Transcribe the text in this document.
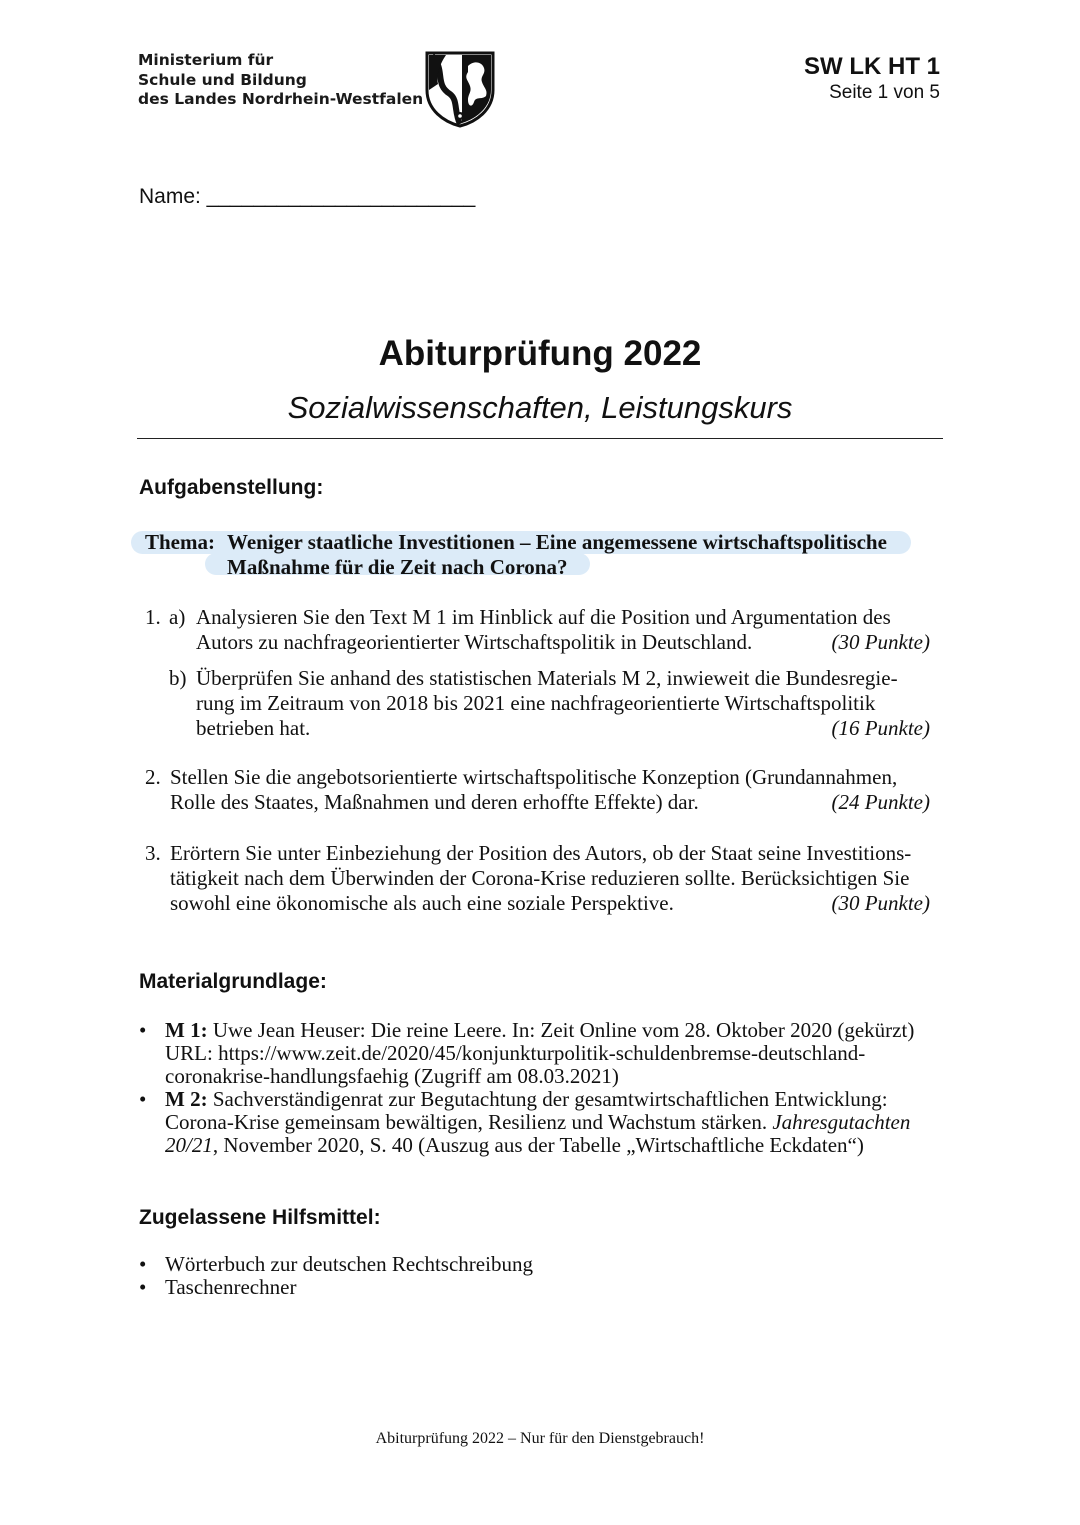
Ministerium für
Schule und Bildung
des Landes Nordrhein-Westfalen
SW LK HT 1
Seite 1 von 5
Name: _______________________
Abiturprüfung 2022
Sozialwissenschaften, Leistungskurs
Aufgabenstellung:
Thema: Weniger staatliche Investitionen – Eine angemessene wirtschaftspolitische
Maßnahme für die Zeit nach Corona?
1. a) Analysieren Sie den Text M 1 im Hinblick auf die Position und Argumentation des
Autors zu nachfrageorientierter Wirtschaftspolitik in Deutschland.	(30 Punkte)
b) Überprüfen Sie anhand des statistischen Materials M 2, inwieweit die Bundesregie-
rung im Zeitraum von 2018 bis 2021 eine nachfrageorientierte Wirtschaftspolitik
betrieben hat.	(16 Punkte)
2. Stellen Sie die angebotsorientierte wirtschaftspolitische Konzeption (Grundannahmen,
Rolle des Staates, Maßnahmen und deren erhoffte Effekte) dar.	(24 Punkte)
3. Erörtern Sie unter Einbeziehung der Position des Autors, ob der Staat seine Investitions-
tätigkeit nach dem Überwinden der Corona-Krise reduzieren sollte. Berücksichtigen Sie
sowohl eine ökonomische als auch eine soziale Perspektive.	(30 Punkte)
Materialgrundlage:
• M 1: Uwe Jean Heuser: Die reine Leere. In: Zeit Online vom 28. Oktober 2020 (gekürzt)
URL: https://www.zeit.de/2020/45/konjunkturpolitik-schuldenbremse-deutschland-
coronakrise-handlungsfaehig (Zugriff am 08.03.2021)
• M 2: Sachverständigenrat zur Begutachtung der gesamtwirtschaftlichen Entwicklung:
Corona-Krise gemeinsam bewältigen, Resilienz und Wachstum stärken. Jahresgutachten
20/21, November 2020, S. 40 (Auszug aus der Tabelle „Wirtschaftliche Eckdaten“)
Zugelassene Hilfsmittel:
• Wörterbuch zur deutschen Rechtschreibung
• Taschenrechner
Abiturprüfung 2022 – Nur für den Dienstgebrauch!
